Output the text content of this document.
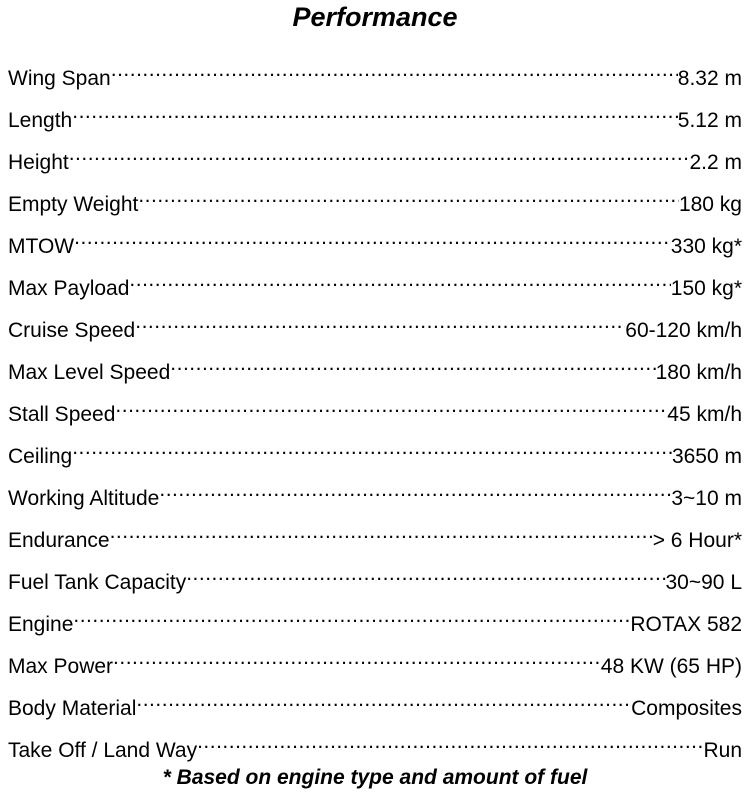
Performance
Wing Span .....	8.32 m
Length .....	5.12 m
Height .....	2.2 m
Empty Weight .....	180 kg
MTOW .....	330 kg*
Max Payload .....	150 kg*
Cruise Speed .....	60-120 km/h
Max Level Speed .....	180 km/h
Stall Speed .....	45 km/h
Ceiling .....	3650 m
Working Altitude .....	3~10 m
Endurance .....	> 6 Hour*
Fuel Tank Capacity .....	30~90 L
Engine .....	ROTAX 582
Max Power .....	48 KW (65 HP)
Body Material .....	Composites
Take Off / Land Way .....	Run
* Based on engine type and amount of fuel
